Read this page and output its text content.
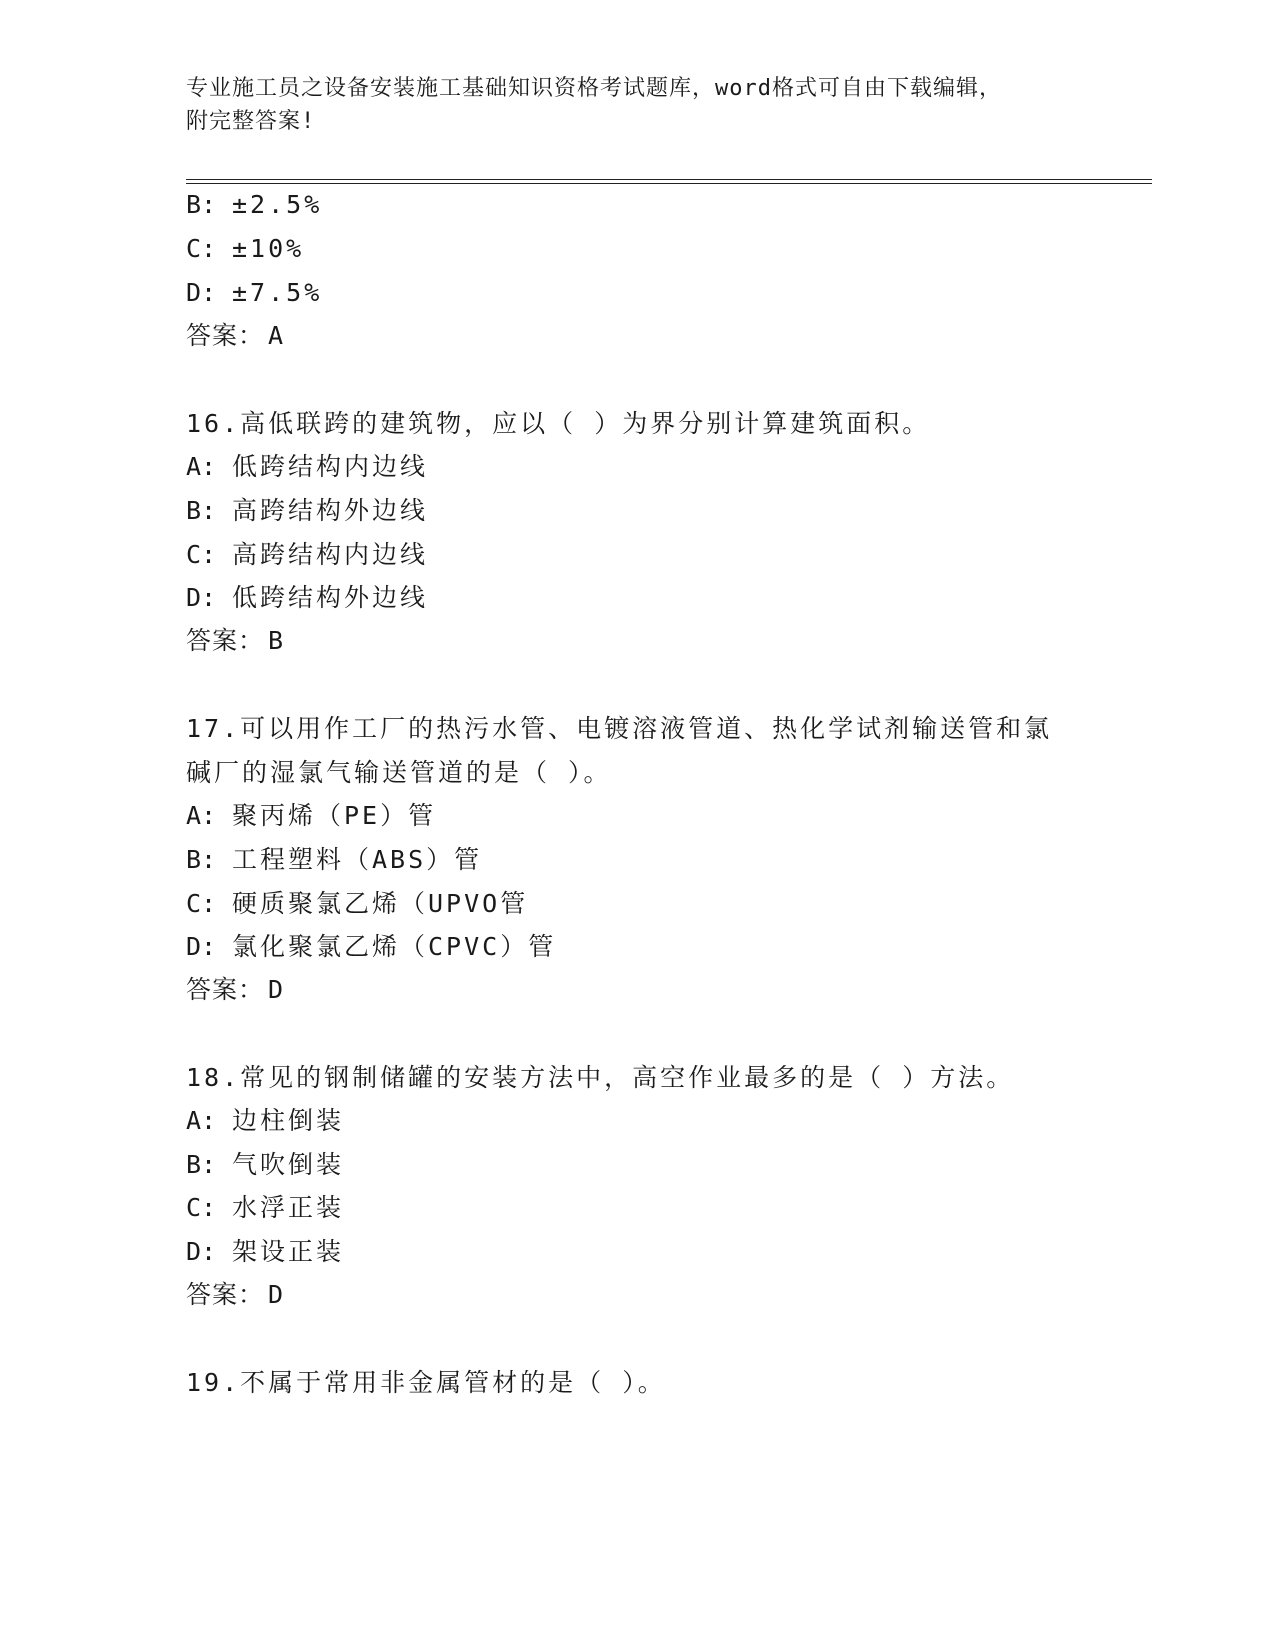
专业施工员之设备安装施工基础知识资格考试题库，word格式可自由下载编辑，
附完整答案!
B: ±2.5%
C: ±10%
D: ±7.5%
答案： A
16.高低联跨的建筑物，应以（ ）为界分别计算建筑面积。
A: 低跨结构内边线
B: 高跨结构外边线
C: 高跨结构内边线
D: 低跨结构外边线
答案： B
17.可以用作工厂的热污水管、电镀溶液管道、热化学试剂输送管和氯
碱厂的湿氯气输送管道的是（ ）。
A: 聚丙烯（PE）管
B: 工程塑料（ABS）管
C: 硬质聚氯乙烯（UPVO管
D: 氯化聚氯乙烯（CPVC）管
答案： D
18.常见的钢制储罐的安装方法中，高空作业最多的是（ ）方法。
A: 边柱倒装
B: 气吹倒装
C: 水浮正装
D: 架设正装
答案： D
19.不属于常用非金属管材的是（ ）。
